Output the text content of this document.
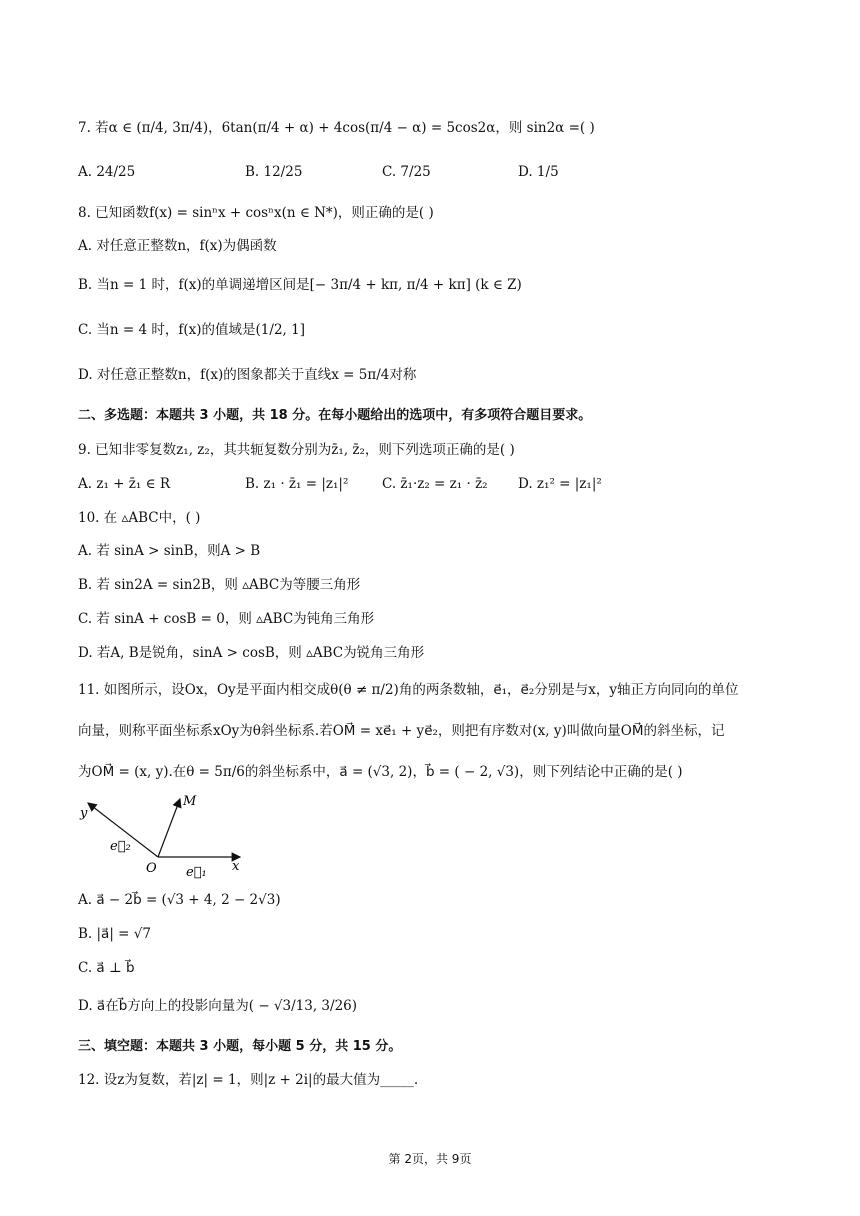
7. 若α ∈ (π/4, 3π/4)，6tan(π/4 + α) + 4cos(π/4 − α) = 5cos2α，则 sin2α =( )
A. 24/25	B. 12/25	C. 7/25	D. 1/5
8. 已知函数f(x) = sinⁿx + cosⁿx(n ∈ N*)，则正确的是( )
A. 对任意正整数n，f(x)为偶函数
B. 当n = 1 时，f(x)的单调递增区间是[− 3π/4 + kπ, π/4 + kπ] (k ∈ Z)
C. 当n = 4 时，f(x)的值域是(1/2, 1]
D. 对任意正整数n，f(x)的图象都关于直线x = 5π/4对称
二、多选题：本题共 3 小题，共 18 分。在每小题给出的选项中，有多项符合题目要求。
9. 已知非零复数z₁, z₂，其共轭复数分别为z̄₁, z̄₂，则下列选项正确的是( )
A. z₁ + z̄₁ ∈ R	B. z₁ · z̄₁ = |z₁|² C. z̄₁·z₂ = z₁ · z̄₂ D. z₁² = |z₁|²
10. 在 ▵ABC中，( )
A. 若 sinA > sinB，则A > B
B. 若 sin2A = sin2B，则 ▵ABC为等腰三角形
C. 若 sinA + cosB = 0，则 ▵ABC为钝角三角形
D. 若A, B是锐角，sinA > cosB，则 ▵ABC为锐角三角形
11. 如图所示，设Ox，Oy是平面内相交成θ(θ ≠ π/2)角的两条数轴，e⃗₁，e⃗₂分别是与x，y轴正方向同向的单位
向量，则称平面坐标系xOy为θ斜坐标系.若OM⃗ = xe⃗₁ + ye⃗₂，则把有序数对(x, y)叫做向量OM⃗的斜坐标，记
为OM⃗ = (x, y).在θ = 5π/6的斜坐标系中，a⃗ = (√3, 2)，b⃗ = ( − 2, √3)，则下列结论中正确的是( )
y
M
O	x
e⃗₁
e⃗₂
A. a⃗ − 2b⃗ = (√3 + 4, 2 − 2√3)
B. |a⃗| = √7
C. a⃗ ⊥ b⃗
D. a⃗在b⃗方向上的投影向量为( − √3/13, 3/26)
三、填空题：本题共 3 小题，每小题 5 分，共 15 分。
12. 设z为复数，若|z| = 1，则|z + 2i|的最大值为_____.
第 2页，共 9页
